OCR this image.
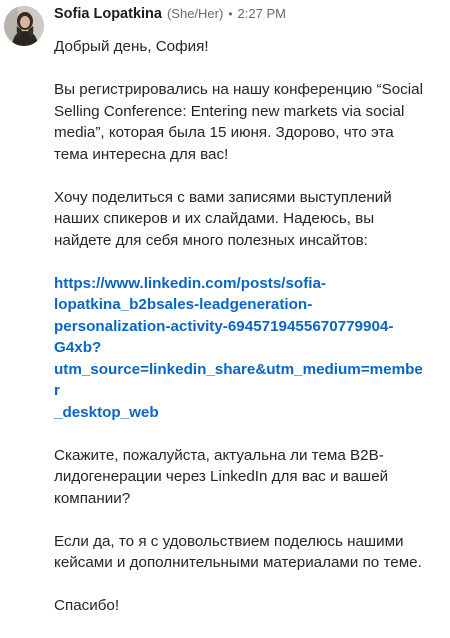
Sofia Lopatkina (She/Her) • 2:27 PM

Добрый день, София!

Вы регистрировались на нашу конференцию “Social Selling Conference: Entering new markets via social media”, которая была 15 июня. Здорово, что эта тема интересна для вас!

Хочу поделиться с вами записями выступлений наших спикеров и их слайдами. Надеюсь, вы найдете для себя много полезных инсайтов:

https://www.linkedin.com/posts/sofia-
lopatkina_b2bsales-leadgeneration-
personalization-activity-6945719455670779904-
G4xb?
utm_source=linkedin_share&utm_medium=member
_desktop_web

Скажите, пожалуйста, актуальна ли тема B2B-лидогенерации через LinkedIn для вас и вашей компании?

Если да, то я с удовольствием поделюсь нашими кейсами и дополнительными материалами по теме.

Спасибо!
